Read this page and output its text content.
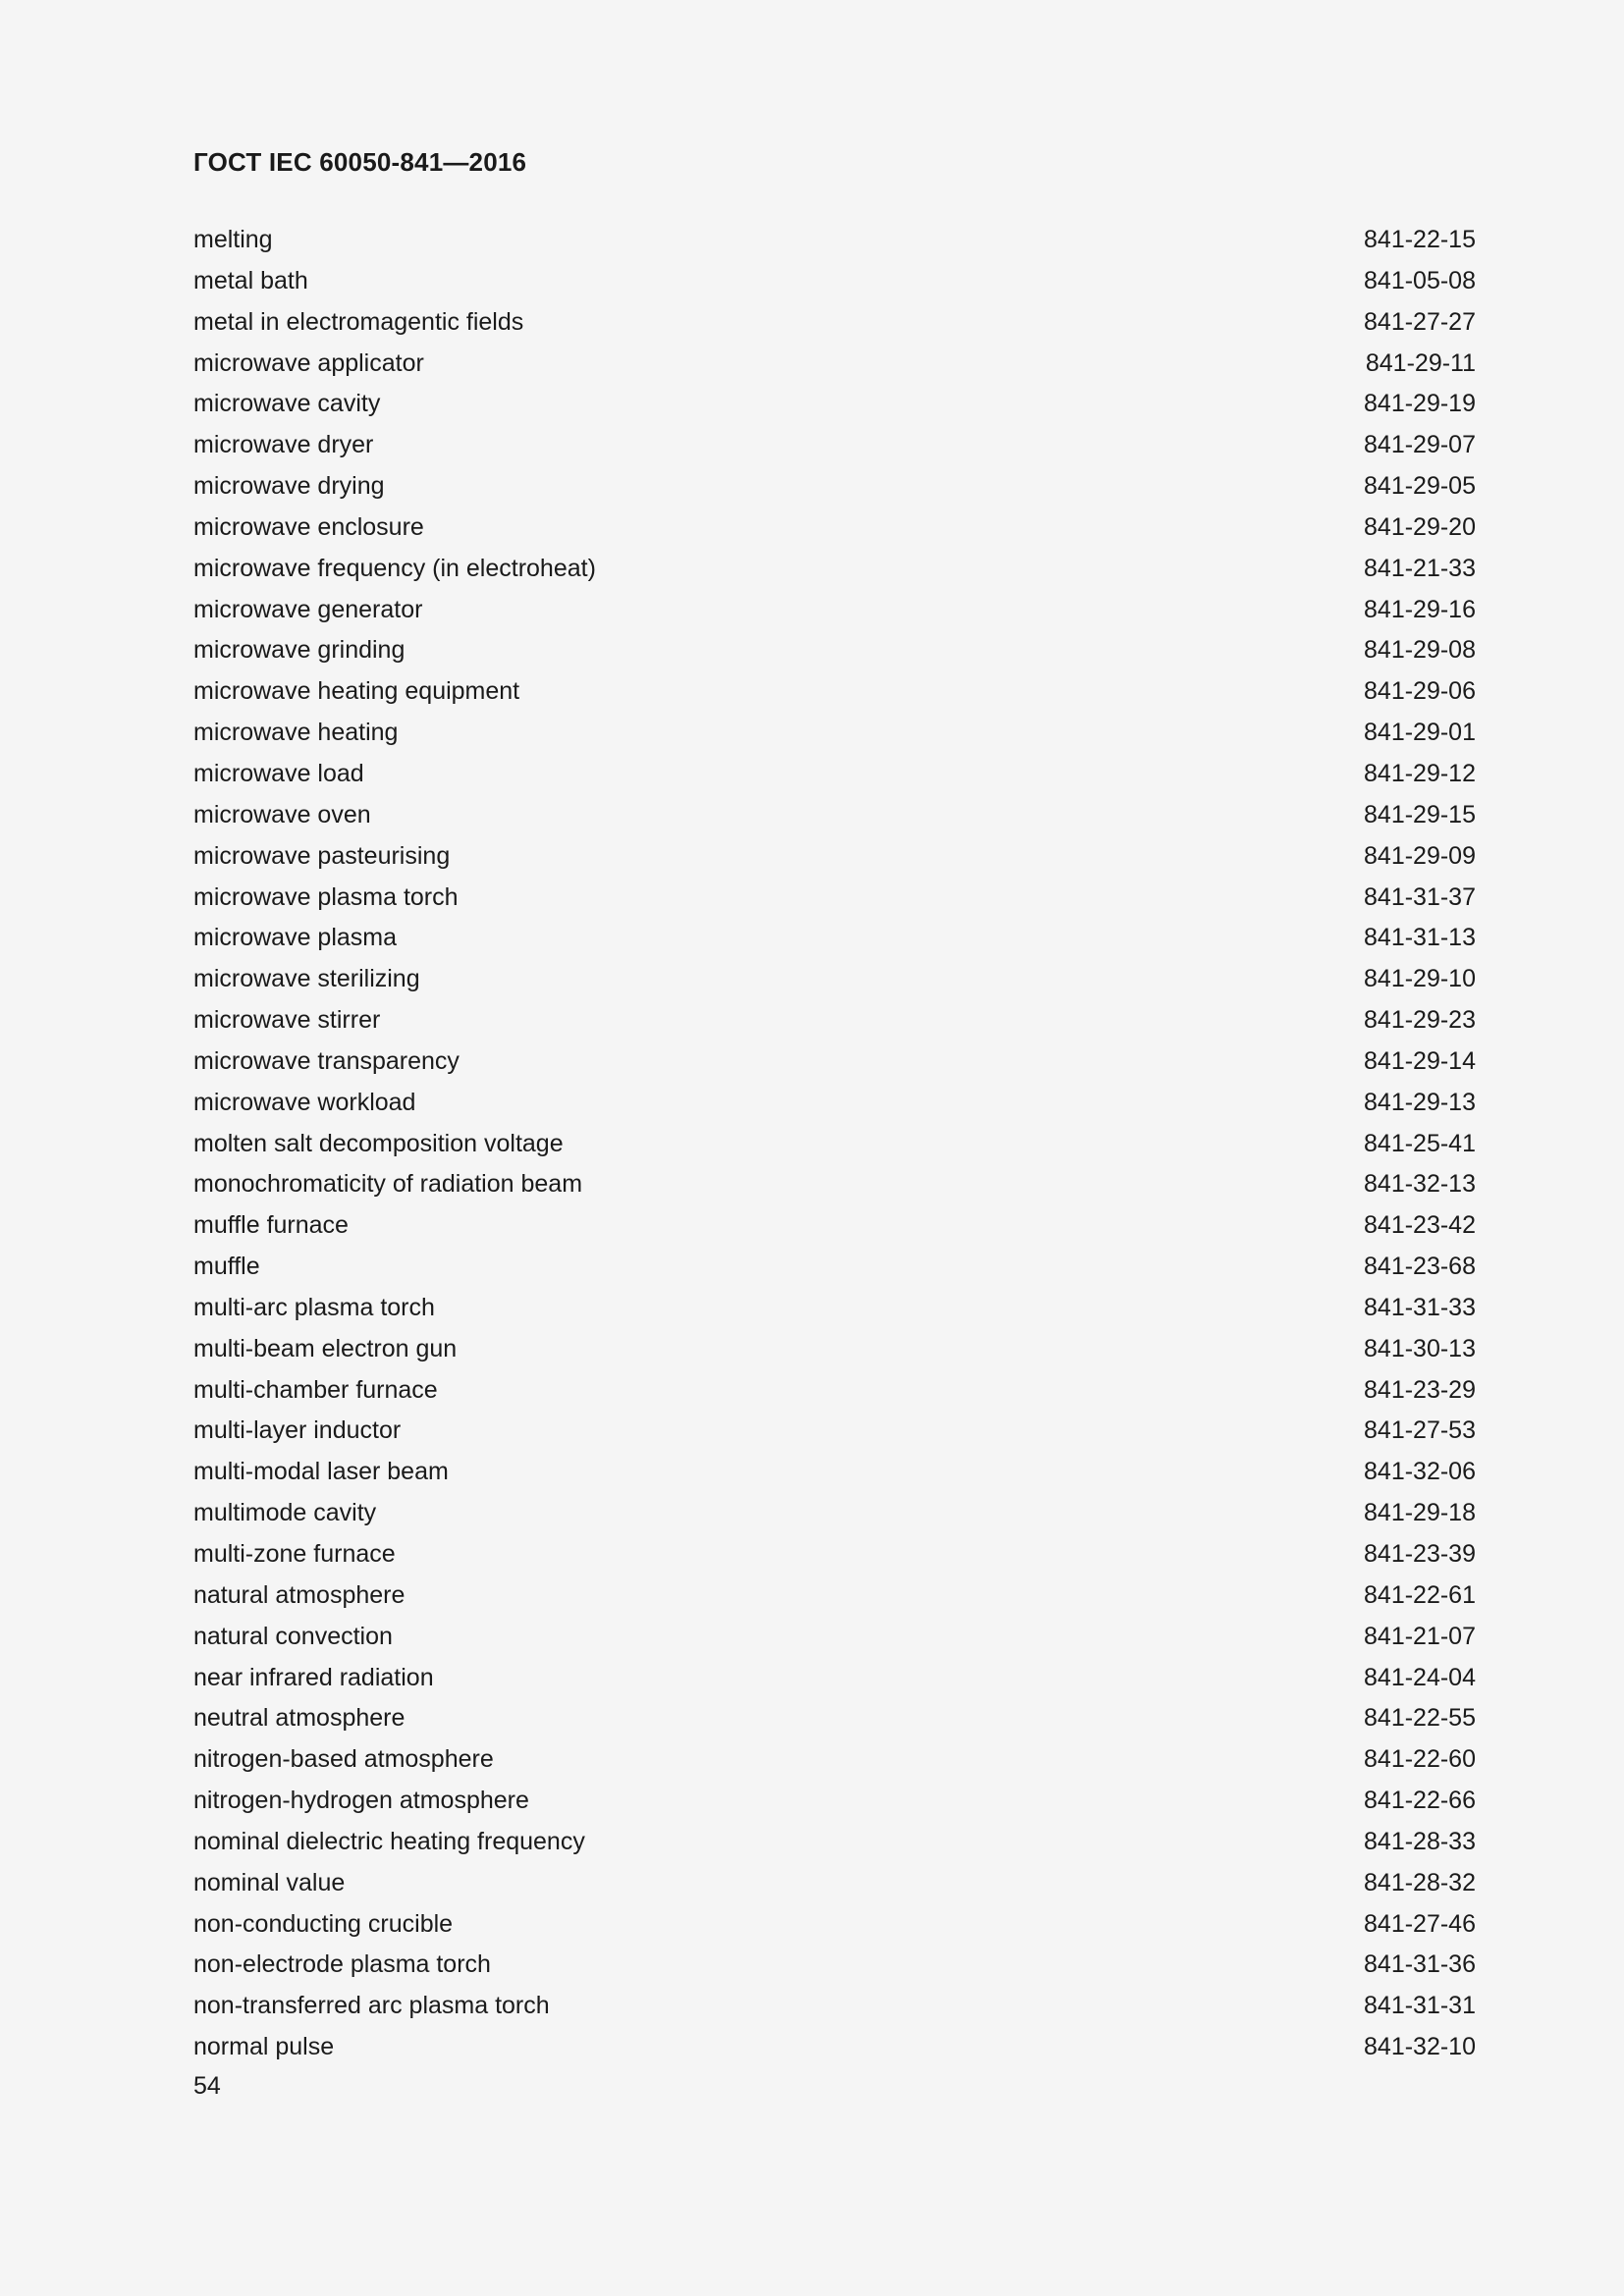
ГОСТ IEC 60050-841—2016
melting	841-22-15
metal bath	841-05-08
metal in electromagentic fields	841-27-27
microwave applicator	841-29-11
microwave cavity	841-29-19
microwave dryer	841-29-07
microwave drying	841-29-05
microwave enclosure	841-29-20
microwave frequency (in electroheat)	841-21-33
microwave generator	841-29-16
microwave grinding	841-29-08
microwave heating equipment	841-29-06
microwave heating	841-29-01
microwave load	841-29-12
microwave oven	841-29-15
microwave pasteurising	841-29-09
microwave plasma torch	841-31-37
microwave plasma	841-31-13
microwave sterilizing	841-29-10
microwave stirrer	841-29-23
microwave transparency	841-29-14
microwave workload	841-29-13
molten salt decomposition voltage	841-25-41
monochromaticity of radiation beam	841-32-13
muffle furnace	841-23-42
muffle	841-23-68
multi-arc plasma torch	841-31-33
multi-beam electron gun	841-30-13
multi-chamber furnace	841-23-29
multi-layer inductor	841-27-53
multi-modal laser beam	841-32-06
multimode cavity	841-29-18
multi-zone furnace	841-23-39
natural atmosphere	841-22-61
natural convection	841-21-07
near infrared radiation	841-24-04
neutral atmosphere	841-22-55
nitrogen-based atmosphere	841-22-60
nitrogen-hydrogen atmosphere	841-22-66
nominal dielectric heating frequency	841-28-33
nominal value	841-28-32
non-conducting crucible	841-27-46
non-electrode plasma torch	841-31-36
non-transferred arc plasma torch	841-31-31
normal pulse	841-32-10
54
